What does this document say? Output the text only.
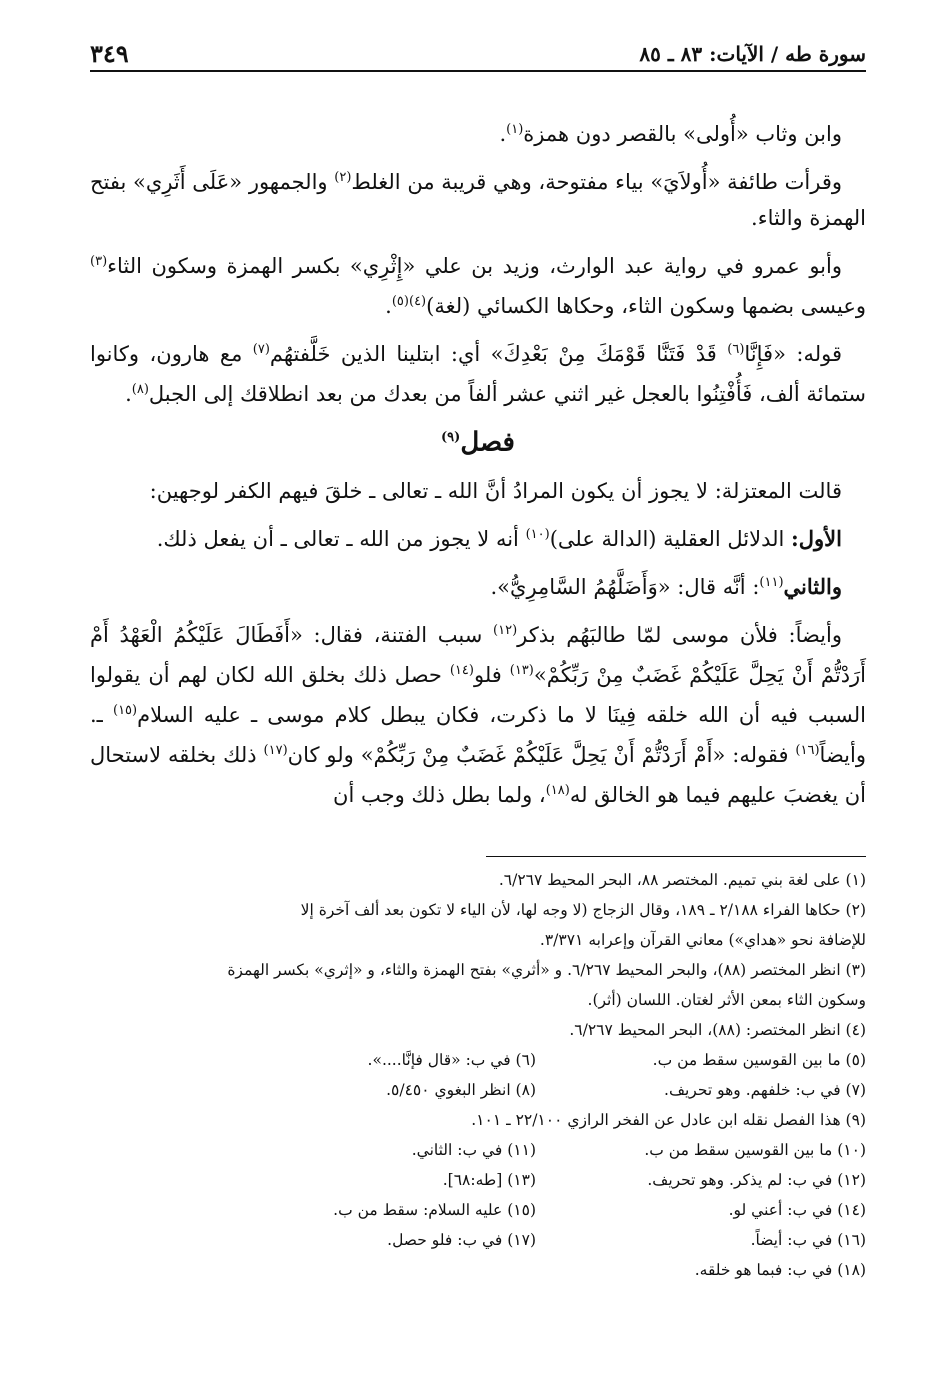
سورة طه / الآيات: ٨٣ ـ ٨٥
٣٤٩

وابن وثاب «أُولى» بالقصر دون همزة$^{(١)}$.

وقرأت طائفة «أُولاَيَ» بياء مفتوحة، وهي قريبة من الغلط$^{(٢)}$ والجمهور «عَلَى أَثَرِي» بفتح الهمزة والثاء.

وأبو عمرو في رواية عبد الوارث، وزيد بن علي «إِثْرِي» بكسر الهمزة وسكون الثاء$^{(٣)}$ وعيسى بضمها وسكون الثاء، وحكاها الكسائي (لغة)$^{(٤)(٥)}$.

قوله: «فَإِنَّا$^{(٦)}$ قَدْ فَتَنَّا قَوْمَكَ مِنْ بَعْدِكَ» أي: ابتلينا الذين خَلَّفتهُم$^{(٧)}$ مع هارون، وكانوا ستمائة ألف، فَأُفْتِنُوا بالعجل غير اثني عشر ألفاً من بعدك من بعد انطلاقك إلى الجبل$^{(٨)}$.

فصل$^{(٩)}$

قالت المعتزلة: لا يجوز أن يكون المرادُ أنَّ الله ـ تعالى ـ خلقَ فيهم الكفر لوجهين:

الأول: الدلائل العقلية (الدالة على)$^{(١٠)}$ أنه لا يجوز من الله ـ تعالى ـ أن يفعل ذلك.

والثاني$^{(١١)}$: أنَّه قال: «وَأَضَلَّهُمُ السَّامِرِيُّ».

وأيضاً: فلأن موسى لمّا طالبَهُم بذكر$^{(١٢)}$ سبب الفتنة، فقال: «أَفَطَالَ عَلَيْكُمُ الْعَهْدُ أَمْ أَرَدْتُّمْ أَنْ يَحِلَّ عَلَيْكُمْ غَضَبٌ مِنْ رَبِّكُمْ»$^{(١٣)}$ فلو$^{(١٤)}$ حصل ذلك بخلق الله لكان لهم أن يقولوا السبب فيه أن الله خلقه فِينَا لا ما ذكرت، فكان يبطل كلام موسى ـ عليه السلام$^{(١٥)}$ ـ. وأيضاً$^{(١٦)}$ فقوله: «أَمْ أَرَدْتُّمْ أَنْ يَحِلَّ عَلَيْكُمْ غَضَبٌ مِنْ رَبِّكُمْ» ولو كان$^{(١٧)}$ ذلك بخلقه لاستحال أن يغضبَ عليهم فيما هو الخالق له$^{(١٨)}$، ولما بطل ذلك وجب أن

(١) على لغة بني تميم. المختصر ٨٨، البحر المحيط ٦/٢٦٧.
(٢) حكاها الفراء ٢/١٨٨ ـ ١٨٩، وقال الزجاج (لا وجه لها، لأن الياء لا تكون بعد ألف آخرة إلا
للإضافة نحو «هداي») معاني القرآن وإعرابه ٣/٣٧١.
(٣) انظر المختصر (٨٨)، والبحر المحيط ٦/٢٦٧. و «أثري» بفتح الهمزة والثاء، و «إثري» بكسر الهمزة
وسكون الثاء بمعن الأثر لغتان. اللسان (أثر).
(٤) انظر المختصر: (٨٨)، البحر المحيط ٦/٢٦٧.
(٥) ما بين القوسين سقط من ب.
(٦) في ب: «قال فإنَّا....».
(٧) في ب: خلفهم. وهو تحريف.
(٨) انظر البغوي ٥/٤٥٠.
(٩) هذا الفصل نقله ابن عادل عن الفخر الرازي ٢٢/١٠٠ ـ ١٠١.
(١٠) ما بين القوسين سقط من ب.
(١١) في ب: الثاني.
(١٢) في ب: لم يذكر. وهو تحريف.
(١٣) [طه:٦٨].
(١٤) في ب: أعني لو.
(١٥) عليه السلام: سقط من ب.
(١٦) في ب: أيضاً.
(١٧) في ب: فلو حصل.
(١٨) في ب: فبما هو خلقه.
